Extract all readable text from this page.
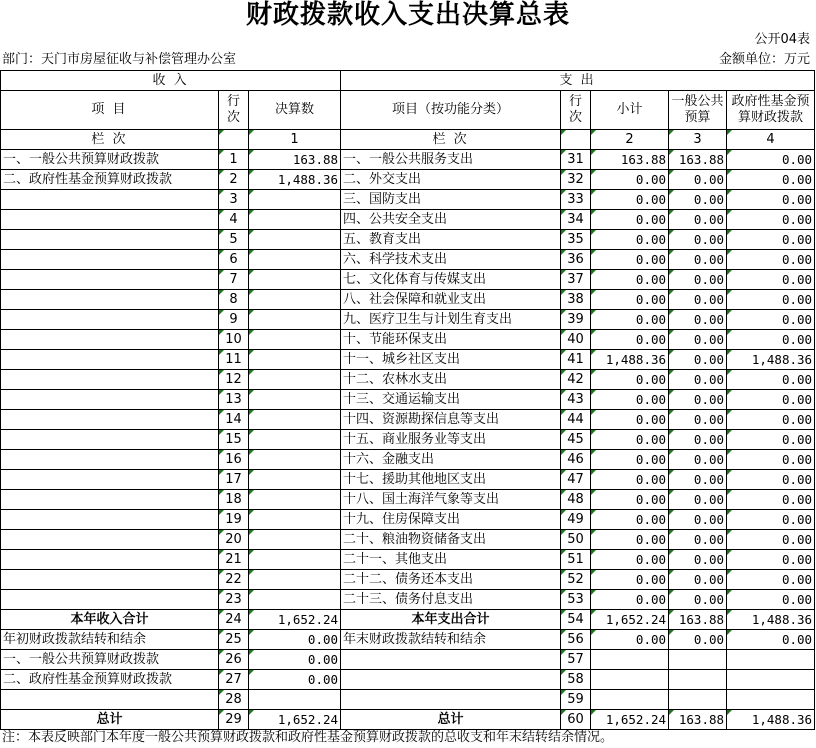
财政拨款收入支出决算总表
公开04表
部门：天门市房屋征收与补偿管理办公室	金额单位：万元
收 入			支 出				
项 目	行次	决算数	项目（按功能分类）	行次	小计	一般公共预算	政府性基金预算财政拨款
栏 次		1	栏 次		2	3	4
一、一般公共预算财政拨款	1	163.88	一、一般公共服务支出	31	163.88	163.88	0.00
二、政府性基金预算财政拨款	2	1,488.36	二、外交支出	32	0.00	0.00	0.00
	3		三、国防支出	33	0.00	0.00	0.00
	4		四、公共安全支出	34	0.00	0.00	0.00
	5		五、教育支出	35	0.00	0.00	0.00
	6		六、科学技术支出	36	0.00	0.00	0.00
	7		七、文化体育与传媒支出	37	0.00	0.00	0.00
	8		八、社会保障和就业支出	38	0.00	0.00	0.00
	9		九、医疗卫生与计划生育支出	39	0.00	0.00	0.00
	10		十、节能环保支出	40	0.00	0.00	0.00
	11		十一、城乡社区支出	41	1,488.36	0.00	1,488.36
	12		十二、农林水支出	42	0.00	0.00	0.00
	13		十三、交通运输支出	43	0.00	0.00	0.00
	14		十四、资源勘探信息等支出	44	0.00	0.00	0.00
	15		十五、商业服务业等支出	45	0.00	0.00	0.00
	16		十六、金融支出	46	0.00	0.00	0.00
	17		十七、援助其他地区支出	47	0.00	0.00	0.00
	18		十八、国土海洋气象等支出	48	0.00	0.00	0.00
	19		十九、住房保障支出	49	0.00	0.00	0.00
	20		二十、粮油物资储备支出	50	0.00	0.00	0.00
	21		二十一、其他支出	51	0.00	0.00	0.00
	22		二十二、债务还本支出	52	0.00	0.00	0.00
	23		二十三、债务付息支出	53	0.00	0.00	0.00
本年收入合计	24	1,652.24	本年支出合计	54	1,652.24	163.88	1,488.36
年初财政拨款结转和结余	25	0.00	年末财政拨款结转和结余	56	0.00	0.00	0.00
一、一般公共预算财政拨款	26	0.00		57			
二、政府性基金预算财政拨款	27	0.00		58			
	28			59			
总计	29	1,652.24	总计	60	1,652.24	163.88	1,488.36
注：本表反映部门本年度一般公共预算财政拨款和政府性基金预算财政拨款的总收支和年末结转结余情况。
